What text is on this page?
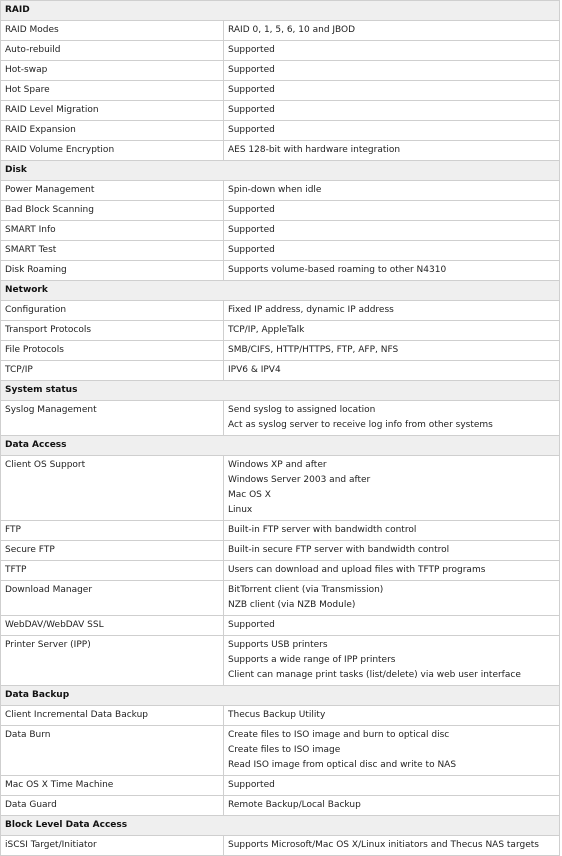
RAID	
RAID Modes	RAID 0, 1, 5, 6, 10 and JBOD

Auto-rebuild	Supported

Hot-swap	Supported

Hot Spare	Supported

RAID Level Migration	Supported

RAID Expansion	Supported

RAID Volume Encryption	AES 128-bit with hardware integration

Disk	
Power Management	Spin-down when idle

Bad Block Scanning	Supported

SMART Info	Supported

SMART Test	Supported

Disk Roaming	Supports volume-based roaming to other N4310

Network	
Configuration	Fixed IP address, dynamic IP address

Transport Protocols	TCP/IP, AppleTalk

File Protocols	SMB/CIFS, HTTP/HTTPS, FTP, AFP, NFS

TCP/IP	IPV6 & IPV4

System status	
Syslog Management	Send syslog to assigned location
Act as syslog server to receive log info from other systems

Data Access	
Client OS Support	Windows XP and after
Windows Server 2003 and after
Mac OS X
Linux

FTP	Built-in FTP server with bandwidth control

Secure FTP	Built-in secure FTP server with bandwidth control

TFTP	Users can download and upload files with TFTP programs

Download Manager	BitTorrent client (via Transmission)
NZB client (via NZB Module)

WebDAV/WebDAV SSL	Supported

Printer Server (IPP)	Supports USB printers
Supports a wide range of IPP printers
Client can manage print tasks (list/delete) via web user interface

Data Backup	
Client Incremental Data Backup	Thecus Backup Utility

Data Burn	Create files to ISO image and burn to optical disc
Create files to ISO image
Read ISO image from optical disc and write to NAS

Mac OS X Time Machine	Supported

Data Guard	Remote Backup/Local Backup

Block Level Data Access	
iSCSI Target/Initiator	Supports Microsoft/Mac OS X/Linux initiators and Thecus NAS targets
